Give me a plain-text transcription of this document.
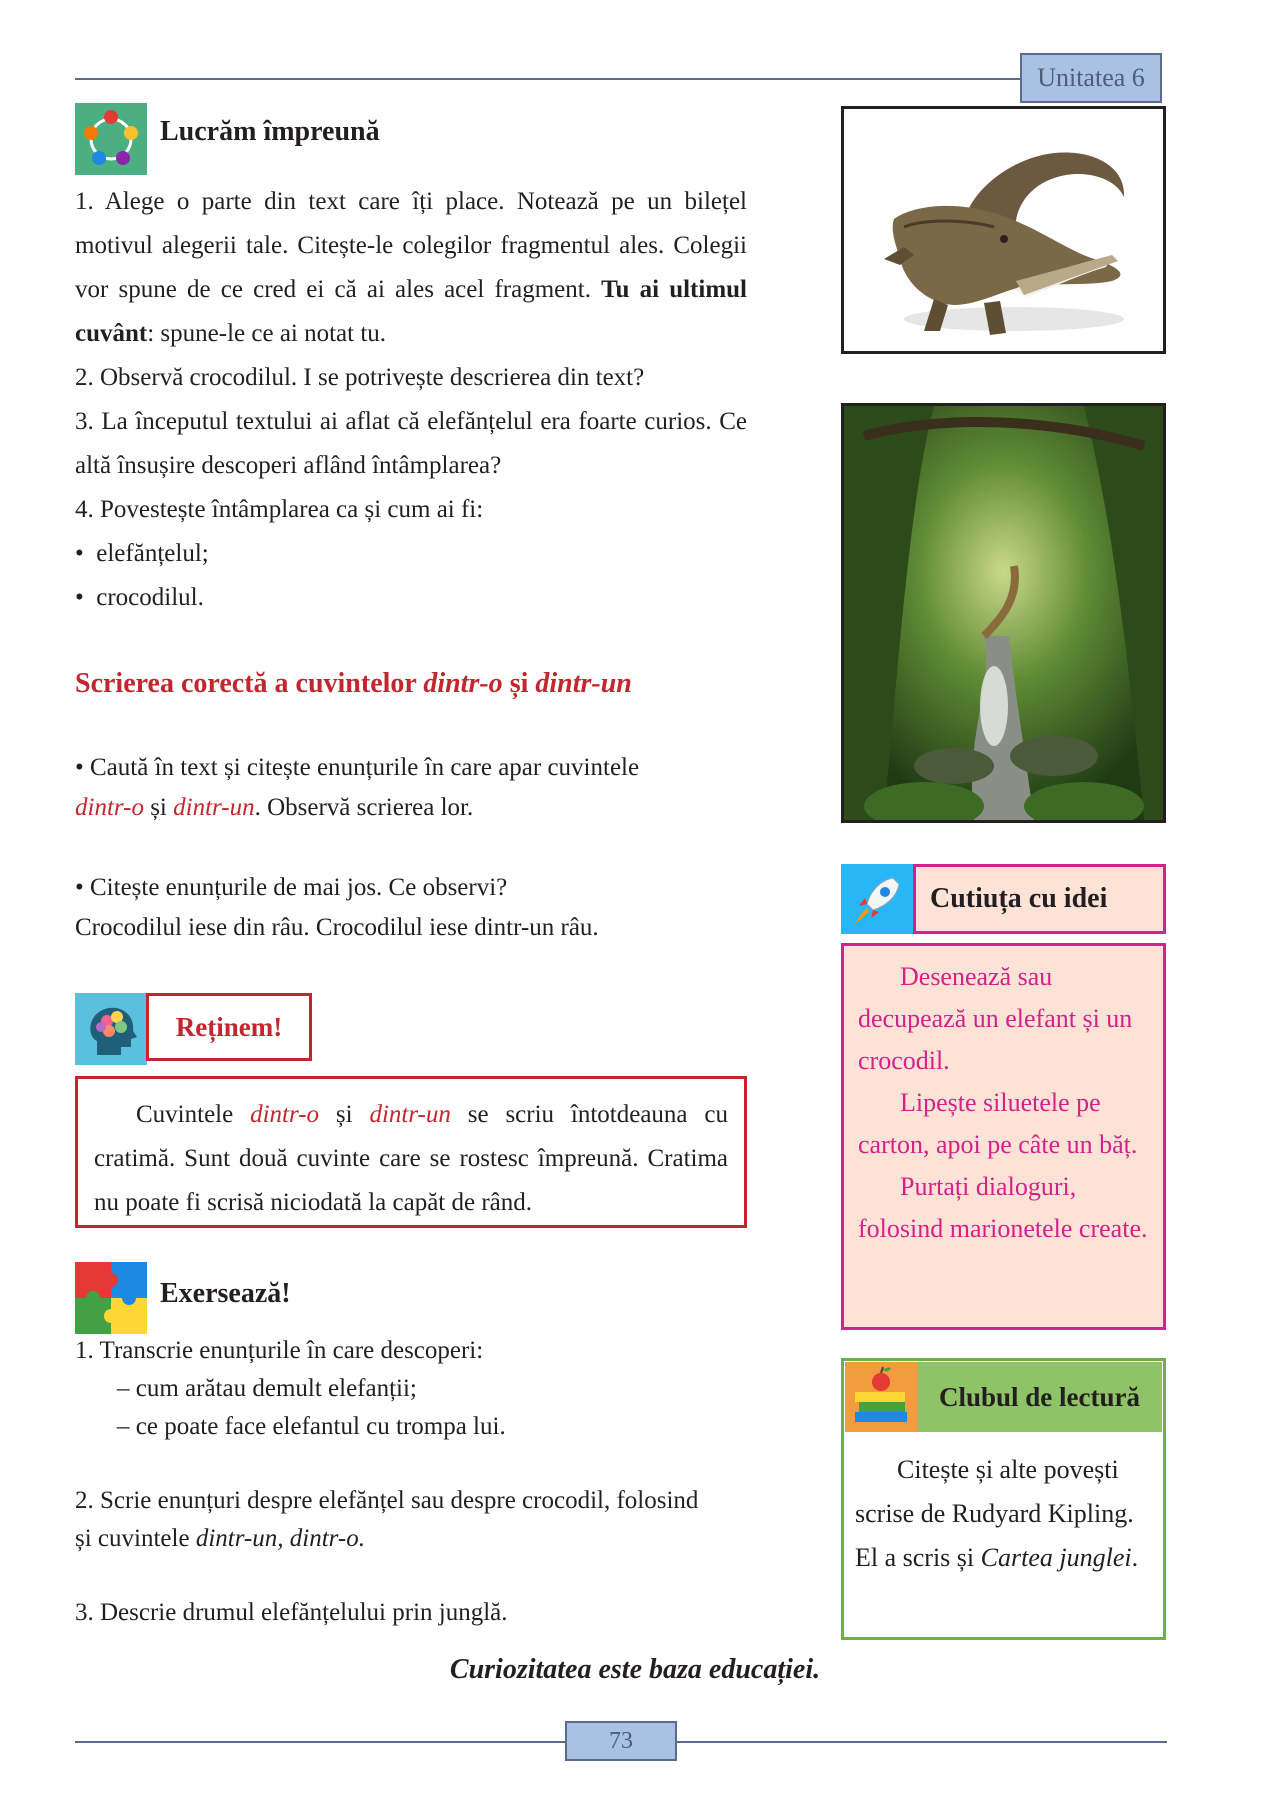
Unitatea 6
Lucrăm împreună
1. Alege o parte din text care îți place. Notează pe un bilețel motivul alegerii tale. Citește-le colegilor fragmentul ales. Colegii vor spune de ce cred ei că ai ales acel fragment. Tu ai ultimul cuvânt: spune-le ce ai notat tu.
2. Observă crocodilul. I se potrivește descrierea din text?
3. La începutul textului ai aflat că elefănțelul era foarte curios. Ce altă însușire descoperi aflând întâmplarea?
4. Povestește întâmplarea ca și cum ai fi:
•  elefănțelul;
•  crocodilul.
Scrierea corectă a cuvintelor dintr-o și dintr-un
• Caută în text și citește enunțurile în care apar cuvintele
dintr-o și dintr-un. Observă scrierea lor.
• Citește enunțurile de mai jos. Ce observi?
Crocodilul iese din râu. Crocodilul iese dintr-un râu.
Reținem!
Cuvintele dintr-o și dintr-un se scriu întotdeauna cu cratimă. Sunt două cuvinte care se rostesc împreună. Cratima nu poate fi scrisă niciodată la capăt de rând.
Exersează!
1. Transcrie enunțurile în care descoperi:
– cum arătau demult elefanții;
– ce poate face elefantul cu trompa lui.
2. Scrie enunțuri despre elefănțel sau despre crocodil, folosind
și cuvintele dintr-un, dintr-o.
3. Descrie drumul elefănțelului prin junglă.
Cutiuța cu idei
Desenează sau decupează un elefant și un crocodil.
Lipește siluetele pe carton, apoi pe câte un băț.
Purtați dialoguri, folosind marionetele create.
Clubul de lectură
Citește și alte povești scrise de Rudyard Kipling. El a scris și Cartea junglei.
Curiozitatea este baza educației.
73
